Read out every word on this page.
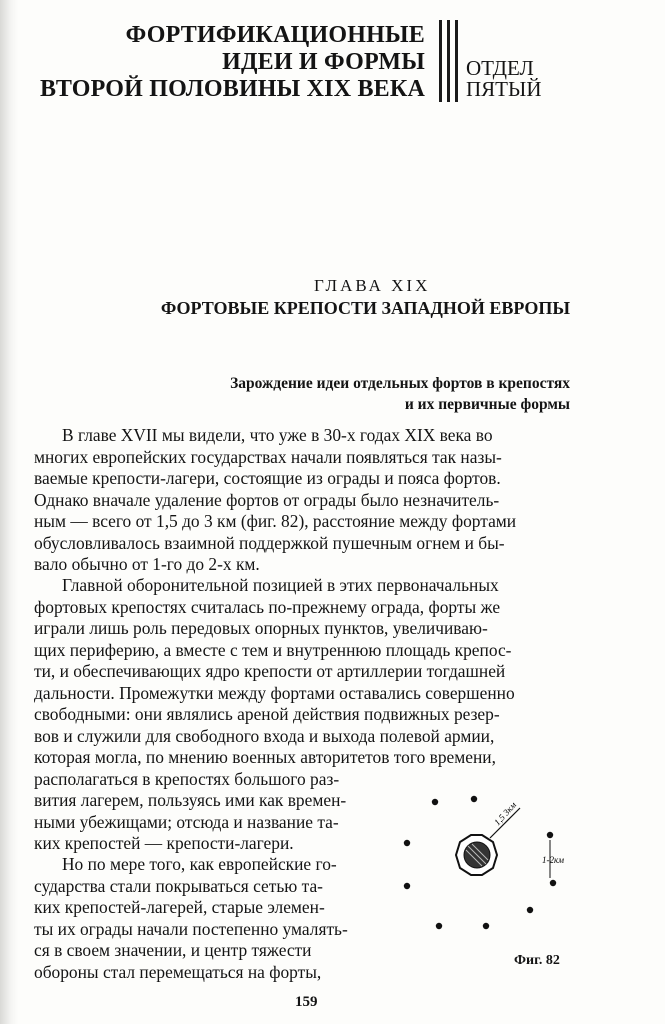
ФОРТИФИКАЦИОННЫЕ
ИДЕИ И ФОРМЫ
ВТОРОЙ ПОЛОВИНЫ XIX ВЕКА
ОТДЕЛ
ПЯТЫЙ
ГЛАВА XIX
ФОРТОВЫЕ КРЕПОСТИ ЗАПАДНОЙ ЕВРОПЫ
Зарождение идеи отдельных фортов в крепостях
и их первичные формы
В главе XVII мы видели, что уже в 30-х годах XIX века во
многих европейских государствах начали появляться так назы-
ваемые крепости-лагери, состоящие из ограды и пояса фортов.
Однако вначале удаление фортов от ограды было незначитель-
ным — всего от 1,5 до 3 км (фиг. 82), расстояние между фортами
обусловливалось взаимной поддержкой пушечным огнем и бы-
вало обычно от 1-го до 2-х км.
Главной оборонительной позицией в этих первоначальных
фортовых крепостях считалась по-прежнему ограда, форты же
играли лишь роль передовых опорных пунктов, увеличиваю-
щих периферию, а вместе с тем и внутреннюю площадь крепос-
ти, и обеспечивающих ядро крепости от артиллерии тогдашней
дальности. Промежутки между фортами оставались совершенно
свободными: они являлись ареной действия подвижных резер-
вов и служили для свободного входа и выхода полевой армии,
которая могла, по мнению военных авторитетов того времени,
располагаться в крепостях большого раз-
вития лагерем, пользуясь ими как времен-
ными убежищами; отсюда и название та-
ких крепостей — крепости-лагери.
Но по мере того, как европейские го-
сударства стали покрываться сетью та-
ких крепостей-лагерей, старые элемен-
ты их ограды начали постепенно умалять-
ся в своем значении, и центр тяжести
обороны стал перемещаться на форты,
1,5 3км
1-2км
Фиг. 82
159
